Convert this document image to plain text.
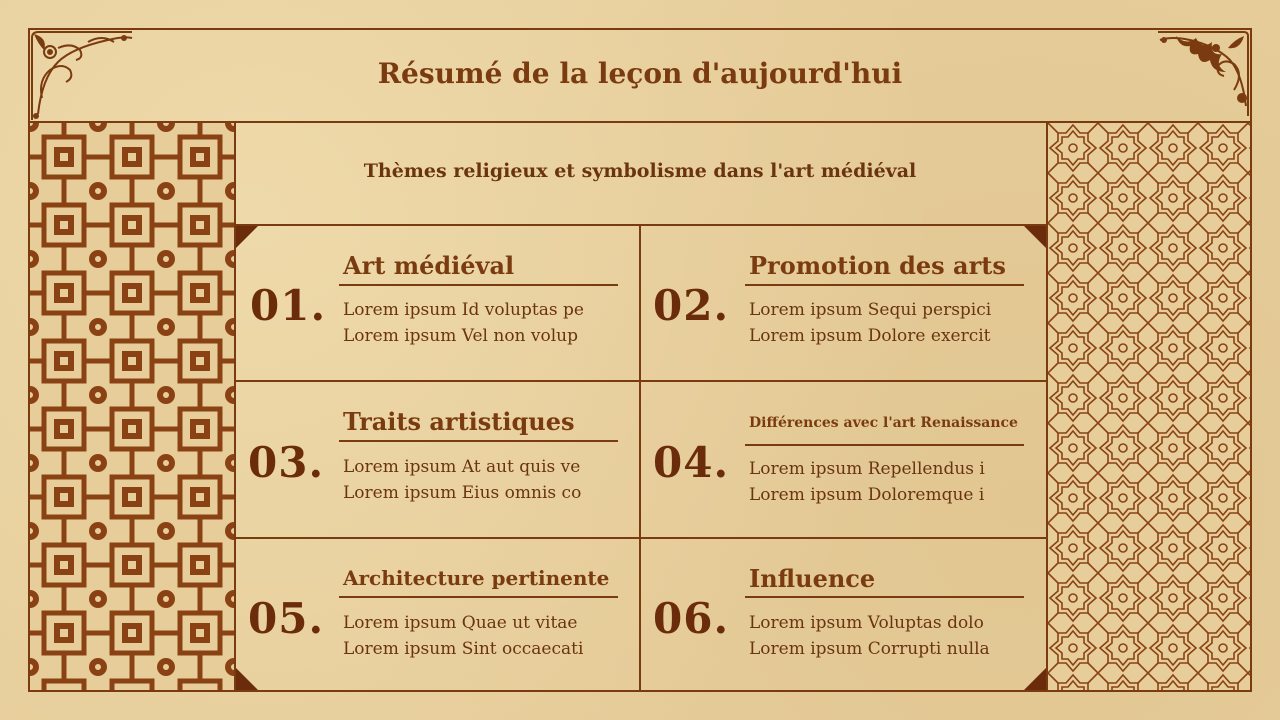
Résumé de la leçon d'aujourd'hui
Thèmes religieux et symbolisme dans l'art médiéval
01.
Art médiéval
Lorem ipsum Id voluptas pe
Lorem ipsum Vel non volup
02.
Promotion des arts
Lorem ipsum Sequi perspici
Lorem ipsum Dolore exercit
03.
Traits artistiques
Lorem ipsum At aut quis ve
Lorem ipsum Eius omnis co
04.
Différences avec l'art Renaissance
Lorem ipsum Repellendus i
Lorem ipsum Doloremque i
05.
Architecture pertinente
Lorem ipsum Quae ut vitae
Lorem ipsum Sint occaecati
06.
Influence
Lorem ipsum Voluptas dolo
Lorem ipsum Corrupti nulla
